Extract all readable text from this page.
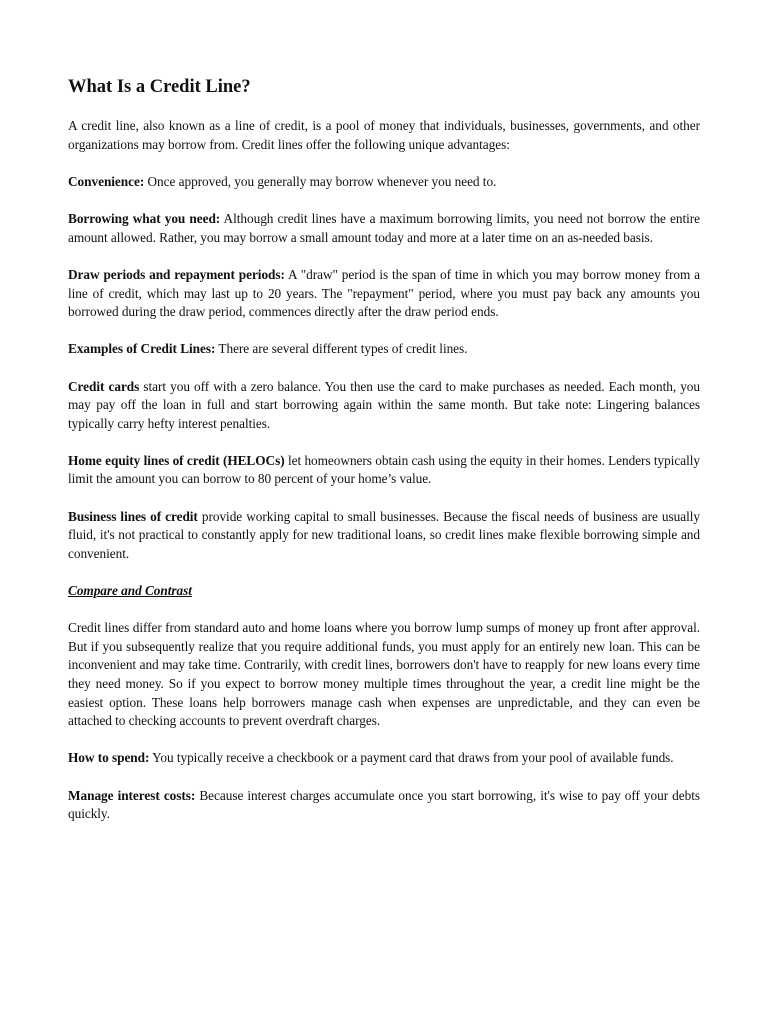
What Is a Credit Line?

A credit line, also known as a line of credit, is a pool of money that individuals, businesses, governments, and other organizations may borrow from. Credit lines offer the following unique advantages:

Convenience: Once approved, you generally may borrow whenever you need to.

Borrowing what you need: Although credit lines have a maximum borrowing limits, you need not borrow the entire amount allowed. Rather, you may borrow a small amount today and more at a later time on an as-needed basis.

Draw periods and repayment periods: A "draw" period is the span of time in which you may borrow money from a line of credit, which may last up to 20 years. The "repayment" period, where you must pay back any amounts you borrowed during the draw period, commences directly after the draw period ends.

Examples of Credit Lines: There are several different types of credit lines.

Credit cards start you off with a zero balance. You then use the card to make purchases as needed. Each month, you may pay off the loan in full and start borrowing again within the same month. But take note: Lingering balances typically carry hefty interest penalties.

Home equity lines of credit (HELOCs) let homeowners obtain cash using the equity in their homes. Lenders typically limit the amount you can borrow to 80 percent of your home’s value.

Business lines of credit provide working capital to small businesses. Because the fiscal needs of business are usually fluid, it's not practical to constantly apply for new traditional loans, so credit lines make flexible borrowing simple and convenient.

Compare and Contrast

Credit lines differ from standard auto and home loans where you borrow lump sumps of money up front after approval. But if you subsequently realize that you require additional funds, you must apply for an entirely new loan. This can be inconvenient and may take time. Contrarily, with credit lines, borrowers don't have to reapply for new loans every time they need money. So if you expect to borrow money multiple times throughout the year, a credit line might be the easiest option. These loans help borrowers manage cash when expenses are unpredictable, and they can even be attached to checking accounts to prevent overdraft charges.

How to spend: You typically receive a checkbook or a payment card that draws from your pool of available funds.

Manage interest costs: Because interest charges accumulate once you start borrowing, it's wise to pay off your debts quickly.
